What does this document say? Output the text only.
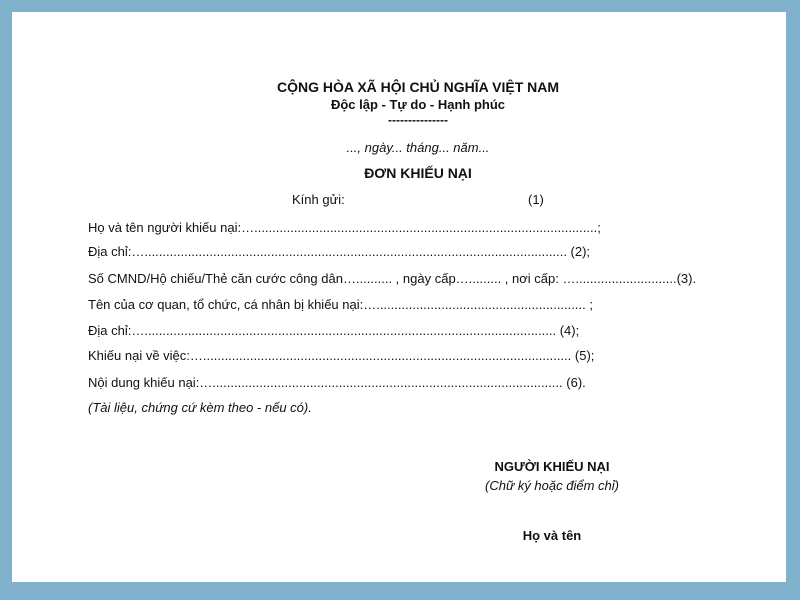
CỘNG HÒA XÃ HỘI CHỦ NGHĨA VIỆT NAM
Độc lập - Tự do - Hạnh phúc
---------------
..., ngày... tháng... năm...
ĐƠN KHIẾU NẠI
Kính gửi:	(1)
Họ và tên người khiếu nại:…...............................................................................................;
Địa chỉ:…..................................................................................................................... (2);
Số CMND/Hộ chiếu/Thẻ căn cước công dân….......... , ngày cấp…......... , nơi cấp: …............................(3).
Tên của cơ quan, tổ chức, cá nhân bị khiếu nại:….......................................................... ;
Địa chỉ:….................................................................................................................. (4);
Khiếu nại về việc:…...................................................................................................... (5);
Nội dung khiếu nại:…................................................................................................. (6).
(Tài liệu, chứng cứ kèm theo - nếu có).
NGƯỜI KHIẾU NẠI
(Chữ ký hoặc điểm chỉ)
Họ và tên
